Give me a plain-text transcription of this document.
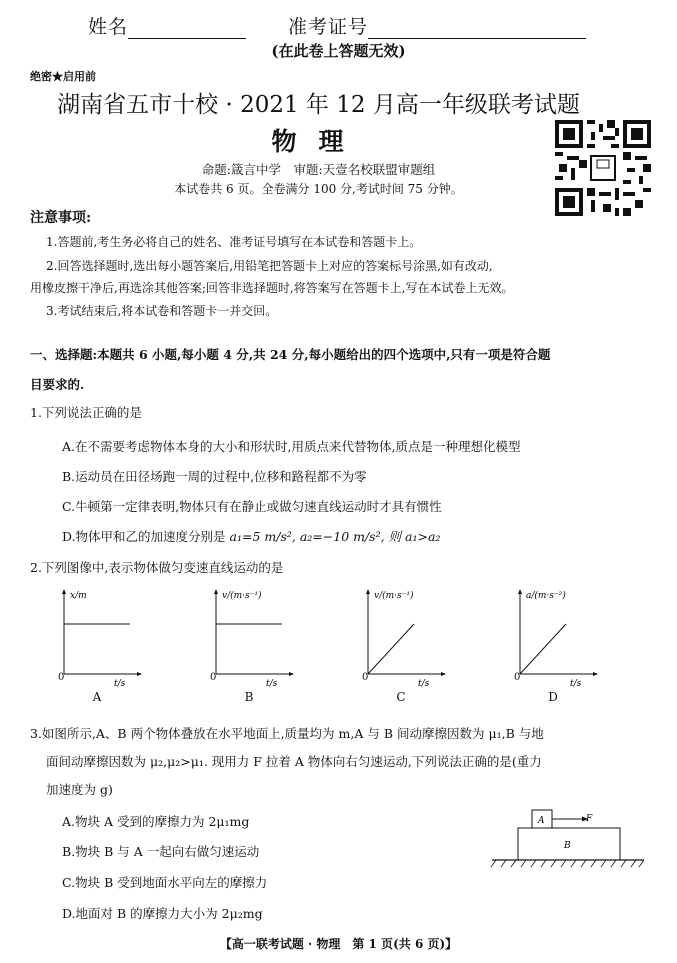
姓名	准考证号
(在此卷上答题无效)
绝密★启用前
湖南省五市十校 · 2021 年 12 月高一年级联考试题
物理
命题:箴言中学　审题:天壹名校联盟审题组
本试卷共 6 页。全卷满分 100 分,考试时间 75 分钟。
注意事项:
1.答题前,考生务必将自己的姓名、准考证号填写在本试卷和答题卡上。
2.回答选择题时,选出每小题答案后,用铅笔把答题卡上对应的答案标号涂黑,如有改动,
用橡皮擦干净后,再选涂其他答案;回答非选择题时,将答案写在答题卡上,写在本试卷上无效。
3.考试结束后,将本试卷和答题卡一并交回。
一、选择题:本题共 6 小题,每小题 4 分,共 24 分,每小题给出的四个选项中,只有一项是符合题
目要求的.
1.下列说法正确的是
A.在不需要考虑物体本身的大小和形状时,用质点来代替物体,质点是一种理想化模型
B.运动员在田径场跑一周的过程中,位移和路程都不为零
C.牛顿第一定律表明,物体只有在静止或做匀速直线运动时才具有惯性
D.物体甲和乙的加速度分别是 a₁=5 m/s², a₂=−10 m/s², 则 a₁>a₂
2.下列图像中,表示物体做匀变速直线运动的是
x/m
t/s
v/(m·s⁻¹)
t/s
v/(m·s⁻¹)
t/s
a/(m·s⁻²)
t/s
0	0	0	0
A	B	C	D
3.如图所示,A、B 两个物体叠放在水平地面上,质量均为 m,A 与 B 间动摩擦因数为 μ₁,B 与地
面间动摩擦因数为 μ₂,μ₂>μ₁. 现用力 F 拉着 A 物体向右匀速运动,下列说法正确的是(重力
加速度为 g)
A.物块 A 受到的摩擦力为 2μ₁mg
B.物块 B 与 A 一起向右做匀速运动
C.物块 B 受到地面水平向左的摩擦力
D.地面对 B 的摩擦力大小为 2μ₂mg
A	F
B
【高一联考试题 · 物理　第 1 页(共 6 页)】
